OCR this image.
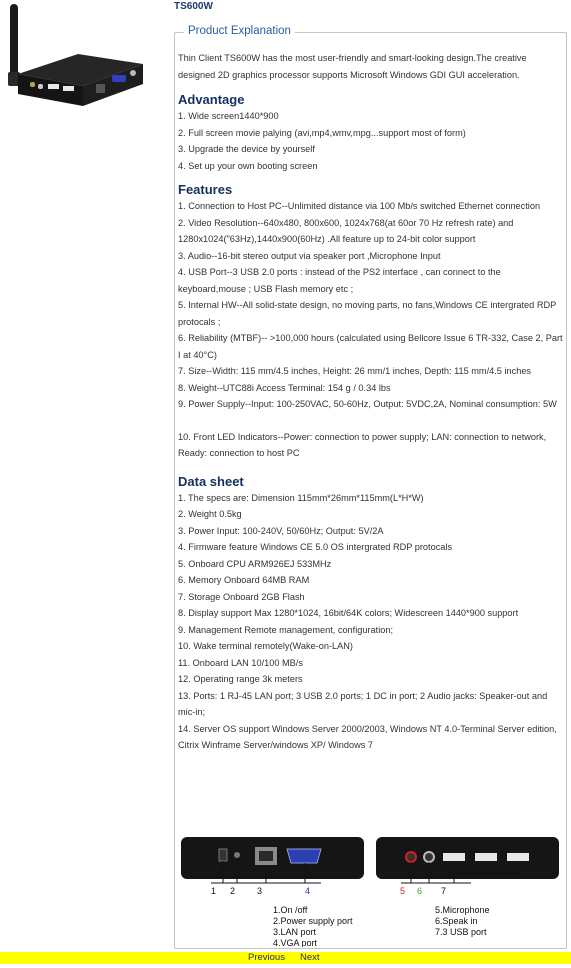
TS600W
Product Explanation

Thin Client TS600W has the most user-friendly and smart-looking design.The creative designed 2D graphics processor supports Microsoft Windows GDI GUI acceleration.

Advantage
1. Wide screen1440*900
2. Full screen movie palying (avi,mp4,wmv,mpg...support most of form)
3. Upgrade the device by yourself
4. Set up your own booting screen
Features
1. Connection to Host PC--Unlimited distance via 100 Mb/s switched Ethernet connection
2. Video Resolution--640x480, 800x600, 1024x768(at 60or 70 Hz refresh rate) and 1280x1024("63Hz),1440x900(60Hz) .All feature up to 24-bit color support
3. Audio--16-bit stereo output via speaker port ,Microphone Input
4. USB Port--3 USB 2.0 ports : instead of the PS2 interface , can connect to the keyboard,mouse ; USB Flash memory etc ;
5. Internal HW--All solid-state design, no moving parts, no fans,Windows CE intergrated RDP protocals ;
6. Reliability (MTBF)-- >100,000 hours (calculated using Bellcore Issue 6 TR-332, Case 2, Part I at 40°C)
7. Size--Width: 115 mm/4.5 inches, Height: 26 mm/1 inches, Depth: 115 mm/4.5 inches
8. Weight--UTC88i Access Terminal: 154 g / 0.34 lbs
9. Power Supply--Input: 100-250VAC, 50-60Hz, Output: 5VDC,2A, Nominal consumption: 5W
10. Front LED Indicators--Power: connection to power supply; LAN: connection to network, Ready: connection to host PC
Data sheet
1. The specs are: Dimension 115mm*26mm*115mm(L*H*W)
2. Weight 0.5kg
3. Power Input: 100-240V, 50/60Hz; Output: 5V/2A
4. Firmware feature Windows CE 5.0 OS intergrated RDP protocals
5. Onboard CPU ARM926EJ 533MHz
6. Memory Onboard 64MB RAM
7. Storage Onboard 2GB Flash
8. Display support Max 1280*1024, 16bit/64K colors; Widescreen 1440*900 support
9. Management Remote management, configuration;
10. Wake terminal remotely(Wake-on-LAN)
11. Onboard LAN 10/100 MB/s
12. Operating range 3k meters
13. Ports: 1 RJ-45 LAN port; 3 USB 2.0 ports; 1 DC in port; 2 Audio jacks: Speaker-out and mic-in;
14. Server OS support Windows Server 2000/2003, Windows NT 4.0-Terminal Server edition, Citrix Winframe Server/windows XP/ Windows 7
1 2 3	4	5 6 7
1.On /off
2.Power supply port
3.LAN port
4.VGA port
5.Microphone
6.Speak in
7.3 USB port
Previous Next
